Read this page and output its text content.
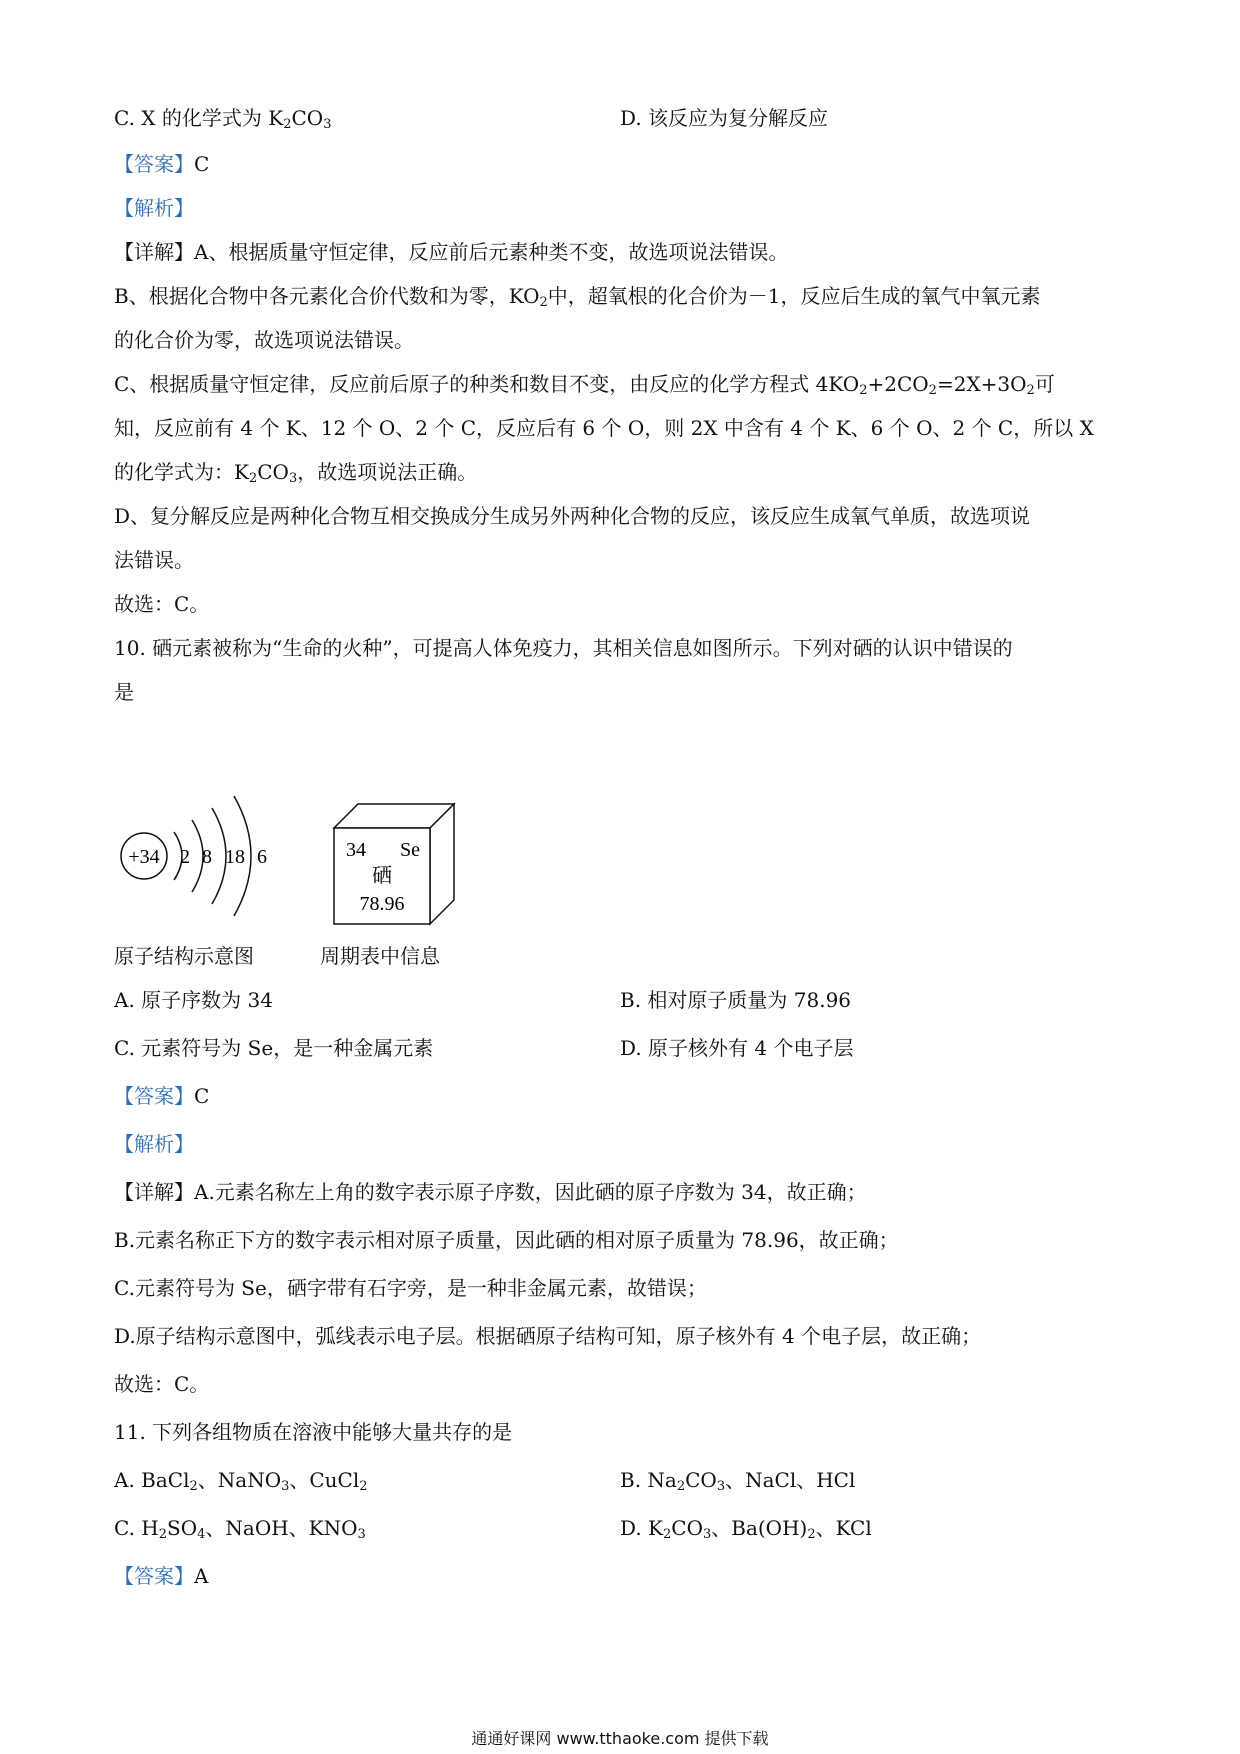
C. X 的化学式为 $K_2CO_3$	D. 该反应为复分解反应
【答案】C
【解析】
【详解】A、根据质量守恒定律，反应前后元素种类不变，故选项说法错误。
B、根据化合物中各元素化合价代数和为零，$KO_2$中，超氧根的化合价为－1，反应后生成的氧气中氧元素
的化合价为零，故选项说法错误。
C、根据质量守恒定律，反应前后原子的种类和数目不变，由反应的化学方程式 $4KO_2+2CO_2=2X+3O_2$可
知，反应前有 4 个 K、12 个 O、2 个 C，反应后有 6 个 O，则 2X 中含有 4 个 K、6 个 O、2 个 C，所以 X
的化学式为：$K_2CO_3$，故选项说法正确。
D、复分解反应是两种化合物互相交换成分生成另外两种化合物的反应，该反应生成氧气单质，故选项说
法错误。
故选：C。
10. 硒元素被称为“生命的火种”，可提高人体免疫力，其相关信息如图所示。下列对硒的认识中错误的
是
+34 2 8 18 6	34 Se
硒
78.96
原子结构示意图	周期表中信息
A. 原子序数为 34	B. 相对原子质量为 78.96
C. 元素符号为 Se，是一种金属元素	D. 原子核外有 4 个电子层
【答案】C
【解析】
【详解】A.元素名称左上角的数字表示原子序数，因此硒的原子序数为 34，故正确；
B.元素名称正下方的数字表示相对原子质量，因此硒的相对原子质量为 78.96，故正确；
C.元素符号为 Se，硒字带有石字旁，是一种非金属元素，故错误；
D.原子结构示意图中，弧线表示电子层。根据硒原子结构可知，原子核外有 4 个电子层，故正确；
故选：C。
11. 下列各组物质在溶液中能够大量共存的是
A. BaCl$_2$、NaNO$_3$、CuCl$_2$	B. $Na_2CO_3$、NaCl、HCl
C. $H_2SO_4$、NaOH、$KNO_3$	D. $K_2CO_3$、$Ba(OH)_2$、KCl
【答案】A
通通好课网 www.tthaoke.com 提供下载
